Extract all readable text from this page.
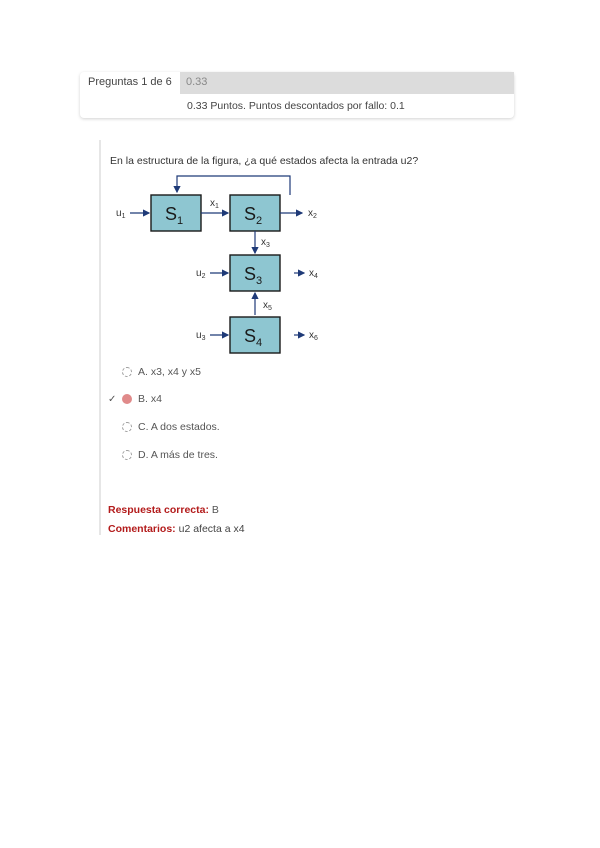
Preguntas 1 de 6 0.33
0.33 Puntos. Puntos descontados por fallo: 0.1
En la estructura de la figura, ¿a qué estados afecta la entrada u2?
$u_1$ $S_1$
$x_1$ $S_2$
$x_2$
$x_3$
$u_2$ $S_3$
$x_4$
$x_5$
$u_3$ $S_4$
$x_6$
A. x3, x4 y x5
✓	B. x4
C. A dos estados.
D. A más de tres.
Respuesta correcta: B
Comentarios: u2 afecta a x4
